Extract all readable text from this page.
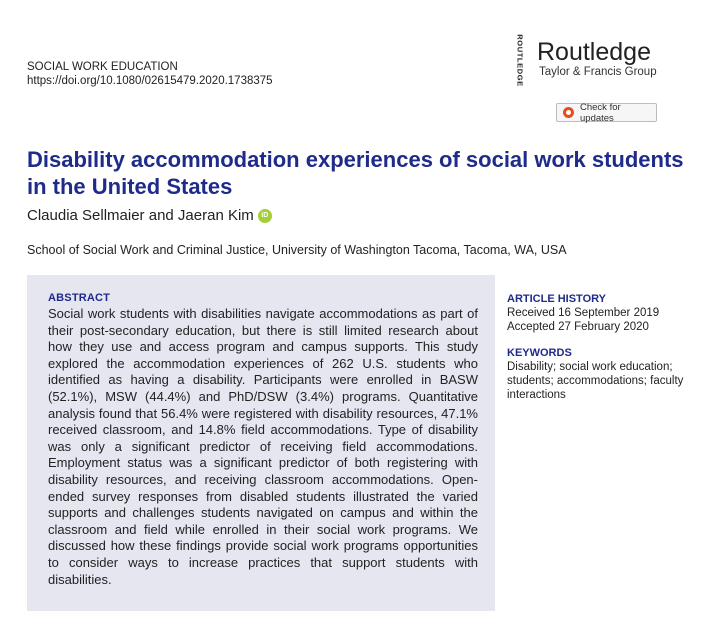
SOCIAL WORK EDUCATION
https://doi.org/10.1080/02615479.2020.1738375	ROUTLEDGE Routledge
Taylor & Francis Group
Check for updates
Disability accommodation experiences of social work students in the United States
Claudia Sellmaier and Jaeran Kim	iD
School of Social Work and Criminal Justice, University of Washington Tacoma, Tacoma, WA, USA
ABSTRACT

Social work students with disabilities navigate accommodations as part of their post-secondary education, but there is still limited research about how they use and access program and campus supports. This study explored the accommodation experiences of 262 U.S. students who identified as having a disability. Participants were enrolled in BASW (52.1%), MSW (44.4%) and PhD/DSW (3.4%) programs. Quantitative analysis found that 56.4% were registered with disability resources, 47.1% received classroom, and 14.8% field accommodations. Type of disability was only a significant predictor of receiving field accommodations. Employment status was a significant predictor of both registering with disability resources, and receiving classroom accommodations. Open-ended survey responses from disabled students illustrated the varied supports and challenges students navigated on campus and within the classroom and field while enrolled in their social work programs. We discussed how these findings provide social work programs opportunities to consider ways to increase practices that support students with disabilities.

ARTICLE HISTORY
Received 16 September 2019
Accepted 27 February 2020
KEYWORDS
Disability; social work education; students; accommodations; faculty interactions
